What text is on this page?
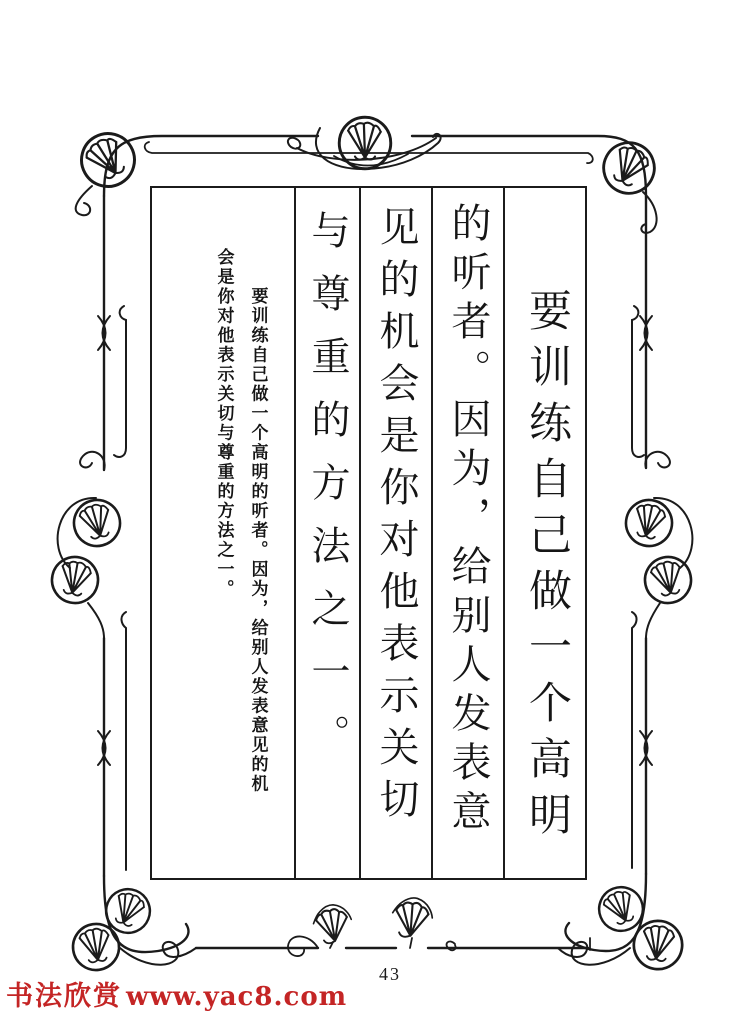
要训练自己做一个高明
的听者。因为，给别人发表意
见的机会是你对他表示关切
与尊重的方法之一。
要训练自己做一个高明的听者。因为，给别人发表意见的机
会是你对他表示关切与尊重的方法之一。
43
书法欣赏 www.yac8.com
